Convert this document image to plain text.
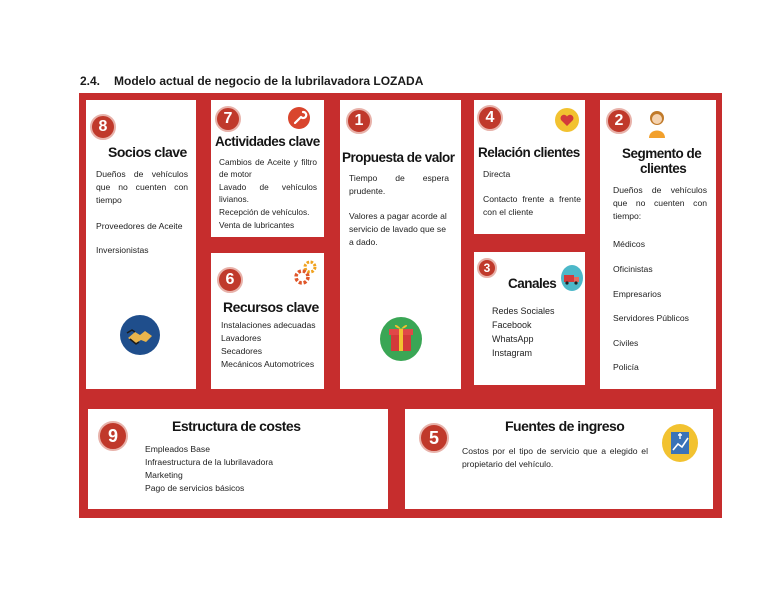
2.4. Modelo actual de negocio de la lubrilavadora LOZADA
8
Socios clave
Dueños de vehículos que no cuenten con tiempo
Proveedores de Aceite
Inversionistas
7
Actividades clave
Cambios de Aceite y filtro de motor
Lavado de vehículos livianos.
Recepción de vehículos.
Venta de lubricantes
6
Recursos clave
Instalaciones adecuadas
Lavadores
Secadores
Mecánicos Automotrices
1
Propuesta de valor
Tiempo de espera prudente.
Valores a pagar acorde al servicio de lavado que se a dado.
4
Relación clientes
Directa
Contacto frente a frente con el cliente
3
Canales
Redes Sociales
Facebook
WhatsApp
Instagram
2
Segmento de
clientes
Dueños de vehículos que no cuenten con tiempo:
Médicos
Oficinistas
Empresarios
Servidores Públicos
Civiles
Policía
9	Estructura de costes
Empleados Base
Infraestructura de la lubrilavadora
Marketing
Pago de servicios básicos
5
Fuentes de ingreso
Costos por el tipo de servicio que a elegido el propietario del vehículo.
